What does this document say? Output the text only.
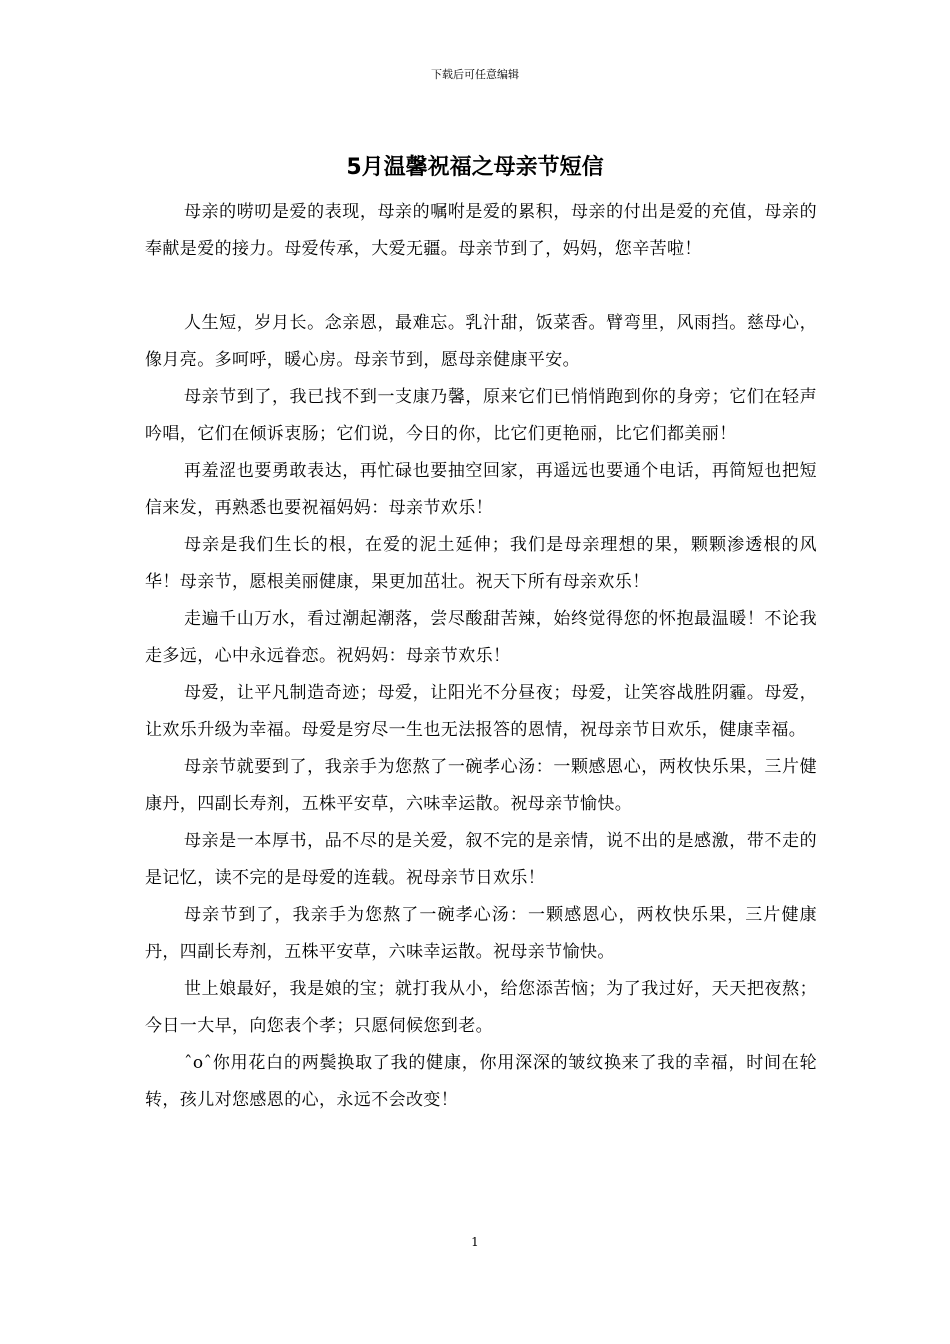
下载后可任意编辑
5月温馨祝福之母亲节短信

母亲的唠叨是爱的表现，母亲的嘱咐是爱的累积，母亲的付出是爱的充值，母亲的奉献是爱的接力。母爱传承，大爱无疆。母亲节到了，妈妈，您辛苦啦！

人生短，岁月长。念亲恩，最难忘。乳汁甜，饭菜香。臂弯里，风雨挡。慈母心，像月亮。多呵呼，暖心房。母亲节到，愿母亲健康平安。

母亲节到了，我已找不到一支康乃馨，原来它们已悄悄跑到你的身旁；它们在轻声吟唱，它们在倾诉衷肠；它们说，今日的你，比它们更艳丽，比它们都美丽！

再羞涩也要勇敢表达，再忙碌也要抽空回家，再遥远也要通个电话，再简短也把短信来发，再熟悉也要祝福妈妈：母亲节欢乐！

母亲是我们生长的根，在爱的泥土延伸；我们是母亲理想的果，颗颗渗透根的风华！母亲节，愿根美丽健康，果更加茁壮。祝天下所有母亲欢乐！

走遍千山万水，看过潮起潮落，尝尽酸甜苦辣，始终觉得您的怀抱最温暖！不论我走多远，心中永远眷恋。祝妈妈：母亲节欢乐！

母爱，让平凡制造奇迹；母爱，让阳光不分昼夜；母爱，让笑容战胜阴霾。母爱，让欢乐升级为幸福。母爱是穷尽一生也无法报答的恩情，祝母亲节日欢乐，健康幸福。

母亲节就要到了，我亲手为您熬了一碗孝心汤：一颗感恩心，两枚快乐果，三片健康丹，四副长寿剂，五株平安草，六味幸运散。祝母亲节愉快。

母亲是一本厚书，品不尽的是关爱，叙不完的是亲情，说不出的是感激，带不走的是记忆，读不完的是母爱的连载。祝母亲节日欢乐！

母亲节到了，我亲手为您熬了一碗孝心汤：一颗感恩心，两枚快乐果，三片健康丹，四副长寿剂，五株平安草，六味幸运散。祝母亲节愉快。

世上娘最好，我是娘的宝；就打我从小，给您添苦恼；为了我过好，天天把夜熬；今日一大早，向您表个孝；只愿伺候您到老。

ˆoˆ你用花白的两鬓换取了我的健康，你用深深的皱纹换来了我的幸福，时间在轮转，孩儿对您感恩的心，永远不会改变！

1
